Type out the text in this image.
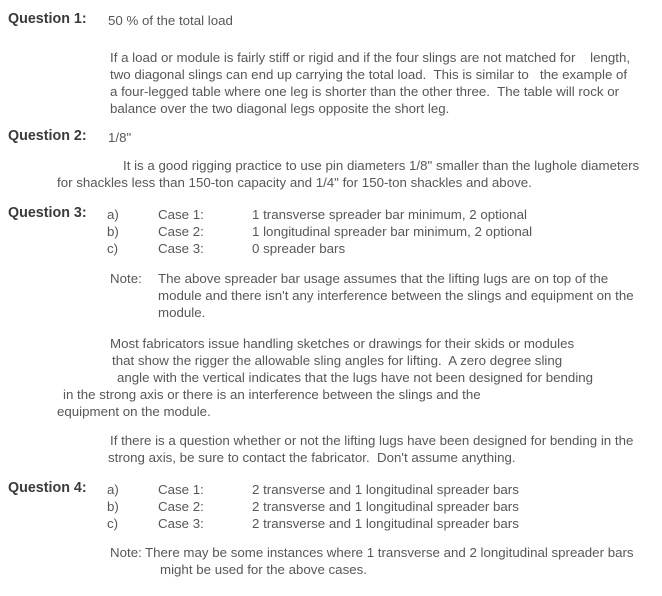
Question 1: 50 % of the total load
If a load or module is fairly stiff or rigid and if the four slings are not matched for    length,
two diagonal slings can end up carrying the total load.  This is similar to   the example of
a four-legged table where one leg is shorter than the other three.  The table will rock or
balance over the two diagonal legs opposite the short leg.
Question 2: 1/8"
It is a good rigging practice to use pin diameters 1/8" smaller than the lughole diameters
for shackles less than 150-ton capacity and 1/4" for 150-ton shackles and above.
Question 3: a)	Case 1:	1 transverse spreader bar minimum, 2 optional
b)	Case 2:	1 longitudinal spreader bar minimum, 2 optional
c)	Case 3:	0 spreader bars
Note: The above spreader bar usage assumes that the lifting lugs are on top of the
module and there isn't any interference between the slings and equipment on the
module.
Most fabricators issue handling sketches or drawings for their skids or modules
that show the rigger the allowable sling angles for lifting.  A zero degree sling
angle with the vertical indicates that the lugs have not been designed for bending
in the strong axis or there is an interference between the slings and the
equipment on the module.
If there is a question whether or not the lifting lugs have been designed for bending in the
strong axis, be sure to contact the fabricator.  Don't assume anything.
Question 4: a)	Case 1:	2 transverse and 1 longitudinal spreader bars
b)	Case 2:	2 transverse and 1 longitudinal spreader bars
c)	Case 3:	2 transverse and 1 longitudinal spreader bars
Note: There may be some instances where 1 transverse and 2 longitudinal spreader bars
might be used for the above cases.
